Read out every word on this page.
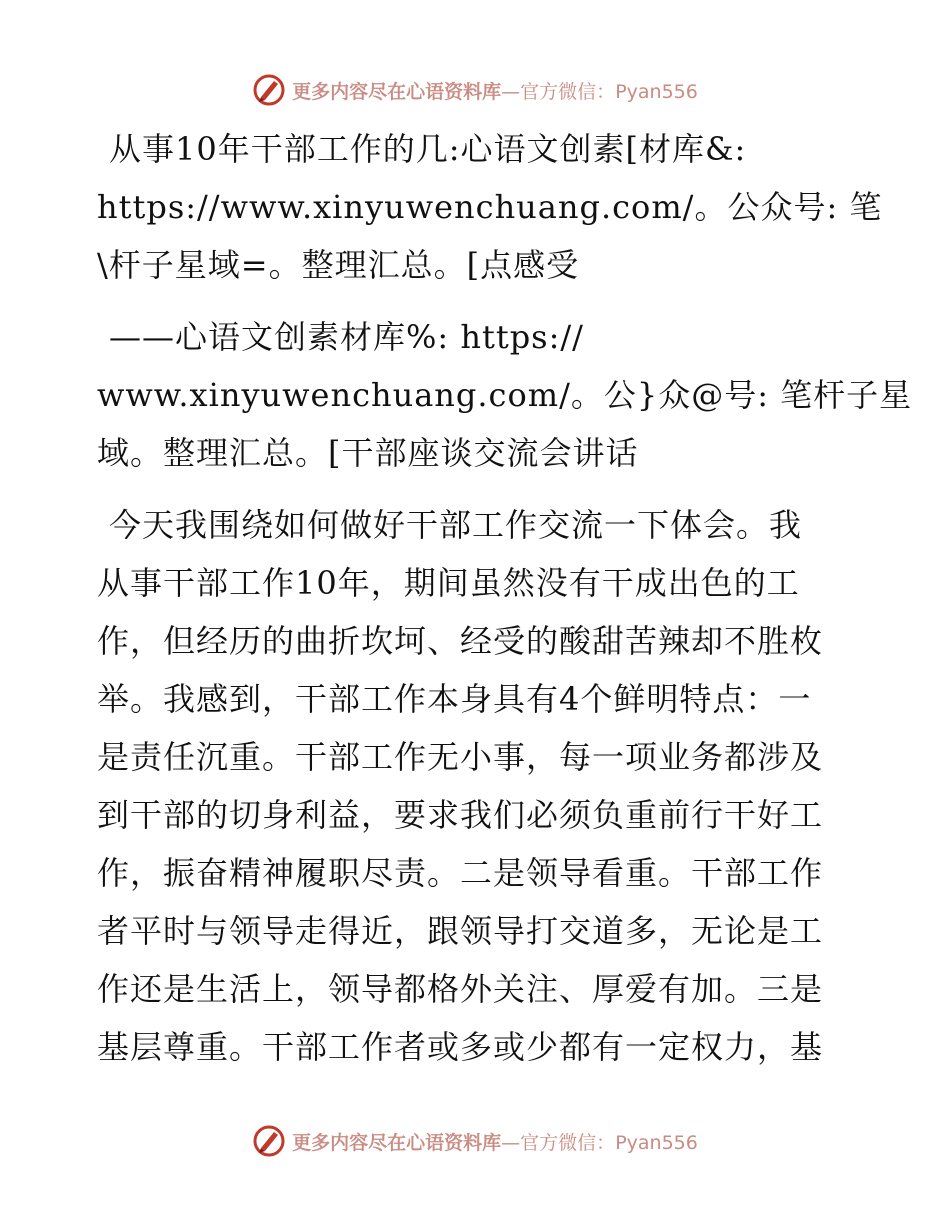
更多内容尽在心语资料库—官方微信：Pyan556

从事10年干部工作的几:心语文创素[材库&:
https://www.xinyuwenchuang.com/。公众号: 笔
\杆子星域=。整理汇总。[点感受

——心语文创素材库%: https://
www.xinyuwenchuang.com/。公}众@号: 笔杆子星
域。整理汇总。[干部座谈交流会讲话

今天我围绕如何做好干部工作交流一下体会。我
从事干部工作10年，期间虽然没有干成出色的工
作，但经历的曲折坎坷、经受的酸甜苦辣却不胜枚
举。我感到，干部工作本身具有4个鲜明特点：一
是责任沉重。干部工作无小事，每一项业务都涉及
到干部的切身利益，要求我们必须负重前行干好工
作，振奋精神履职尽责。二是领导看重。干部工作
者平时与领导走得近，跟领导打交道多，无论是工
作还是生活上，领导都格外关注、厚爱有加。三是
基层尊重。干部工作者或多或少都有一定权力，基

更多内容尽在心语资料库—官方微信：Pyan556
